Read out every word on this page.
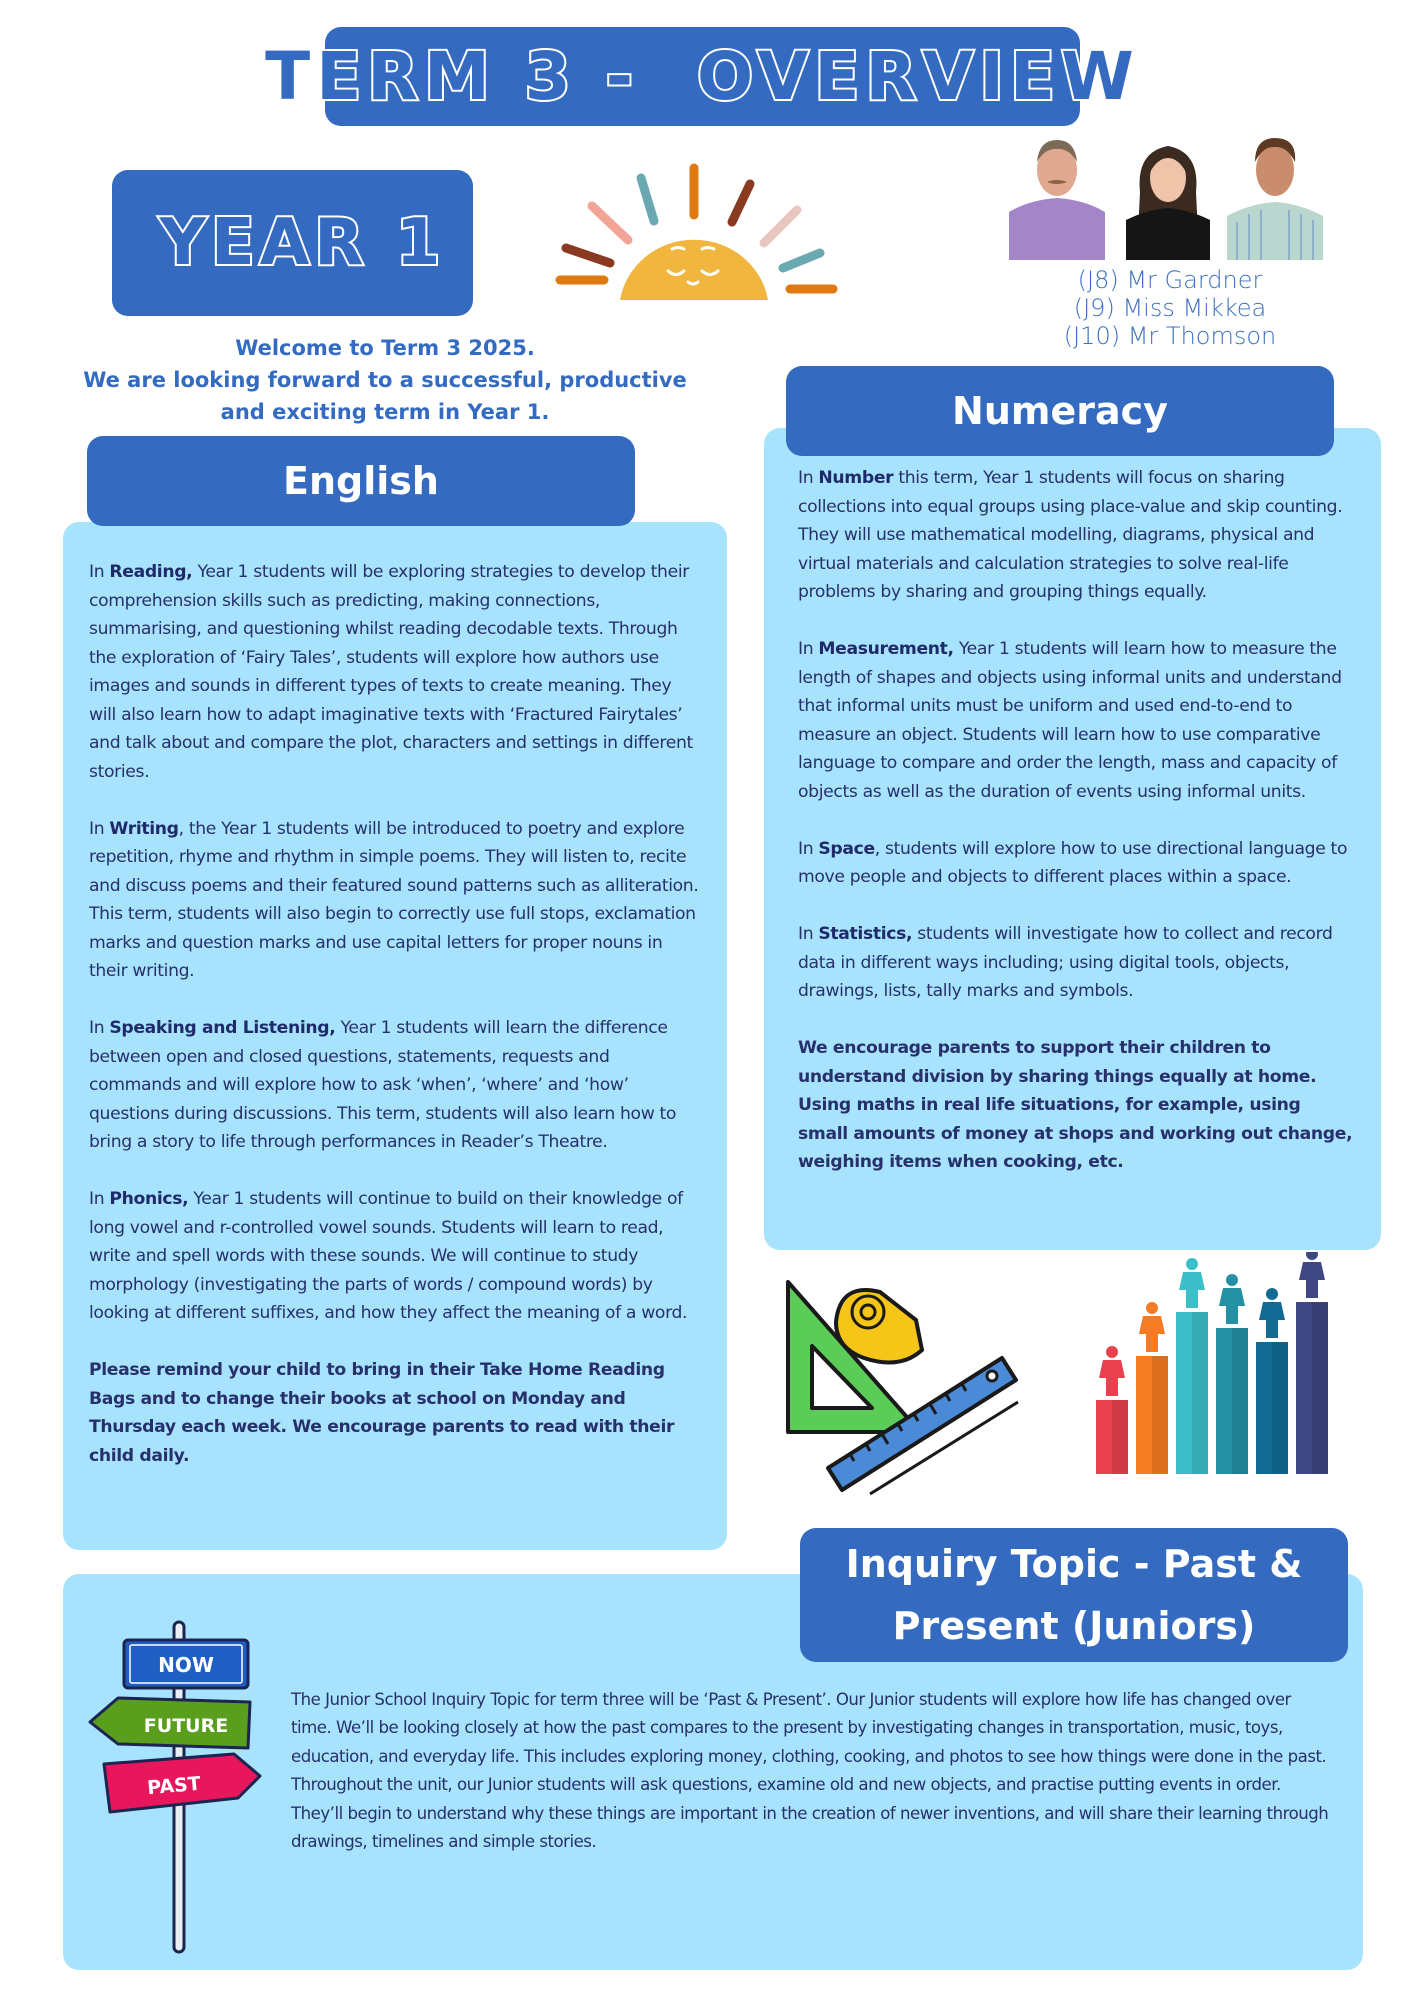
TERM 3 -  OVERVIEW
YEAR 1	(J8) Mr Gardner
(J9) Miss Mikkea
(J10) Mr Thomson
Welcome to Term 3 2025.
We are looking forward to a successful, productive
and exciting term in Year 1.
English

In Reading, Year 1 students will be exploring strategies to develop their comprehension skills such as predicting, making connections, summarising, and questioning whilst reading decodable texts. Through the exploration of ‘Fairy Tales’, students will explore how authors use images and sounds in different types of texts to create meaning. They will also learn how to adapt imaginative texts with ‘Fractured Fairytales’ and talk about and compare the plot, characters and settings in different stories.

In Writing, the Year 1 students will be introduced to poetry and explore repetition, rhyme and rhythm in simple poems. They will listen to, recite and discuss poems and their featured sound patterns such as alliteration. This term, students will also begin to correctly use full stops, exclamation marks and question marks and use capital letters for proper nouns in their writing.

In Speaking and Listening, Year 1 students will learn the difference between open and closed questions, statements, requests and commands and will explore how to ask ‘when’, ‘where’ and ‘how’ questions during discussions. This term, students will also learn how to bring a story to life through performances in Reader’s Theatre.

In Phonics, Year 1 students will continue to build on their knowledge of long vowel and r-controlled vowel sounds. Students will learn to read, write and spell words with these sounds. We will continue to study morphology (investigating the parts of words / compound words) by looking at different suffixes, and how they affect the meaning of a word.

Please remind your child to bring in their Take Home Reading Bags and to change their books at school on Monday and Thursday each week. We encourage parents to read with their child daily.

Numeracy

In Number this term, Year 1 students will focus on sharing collections into equal groups using place-value and skip counting. They will use mathematical modelling, diagrams, physical and virtual materials and calculation strategies to solve real-life problems by sharing and grouping things equally.

In Measurement, Year 1 students will learn how to measure the length of shapes and objects using informal units and understand that informal units must be uniform and used end-to-end to measure an object. Students will learn how to use comparative language to compare and order the length, mass and capacity of objects as well as the duration of events using informal units.

In Space, students will explore how to use directional language to move people and objects to different places within a space.

In Statistics, students will investigate how to collect and record data in different ways including; using digital tools, objects, drawings, lists, tally marks and symbols.

We encourage parents to support their children to understand division by sharing things equally at home. Using maths in real life situations, for example, using small amounts of money at shops and working out change, weighing items when cooking, etc.

Inquiry Topic - Past & Present (Juniors)
The Junior School Inquiry Topic for term three will be ‘Past & Present’. Our Junior students will explore how life has changed over time. We’ll be looking closely at how the past compares to the present by investigating changes in transportation, music, toys, education, and everyday life. This includes exploring money, clothing, cooking, and photos to see how things were done in the past.
Throughout the unit, our Junior students will ask questions, examine old and new objects, and practise putting events in order. They’ll begin to understand why these things are important in the creation of newer inventions, and will share their learning through drawings, timelines and simple stories.
NOW
FUTURE
PAST
